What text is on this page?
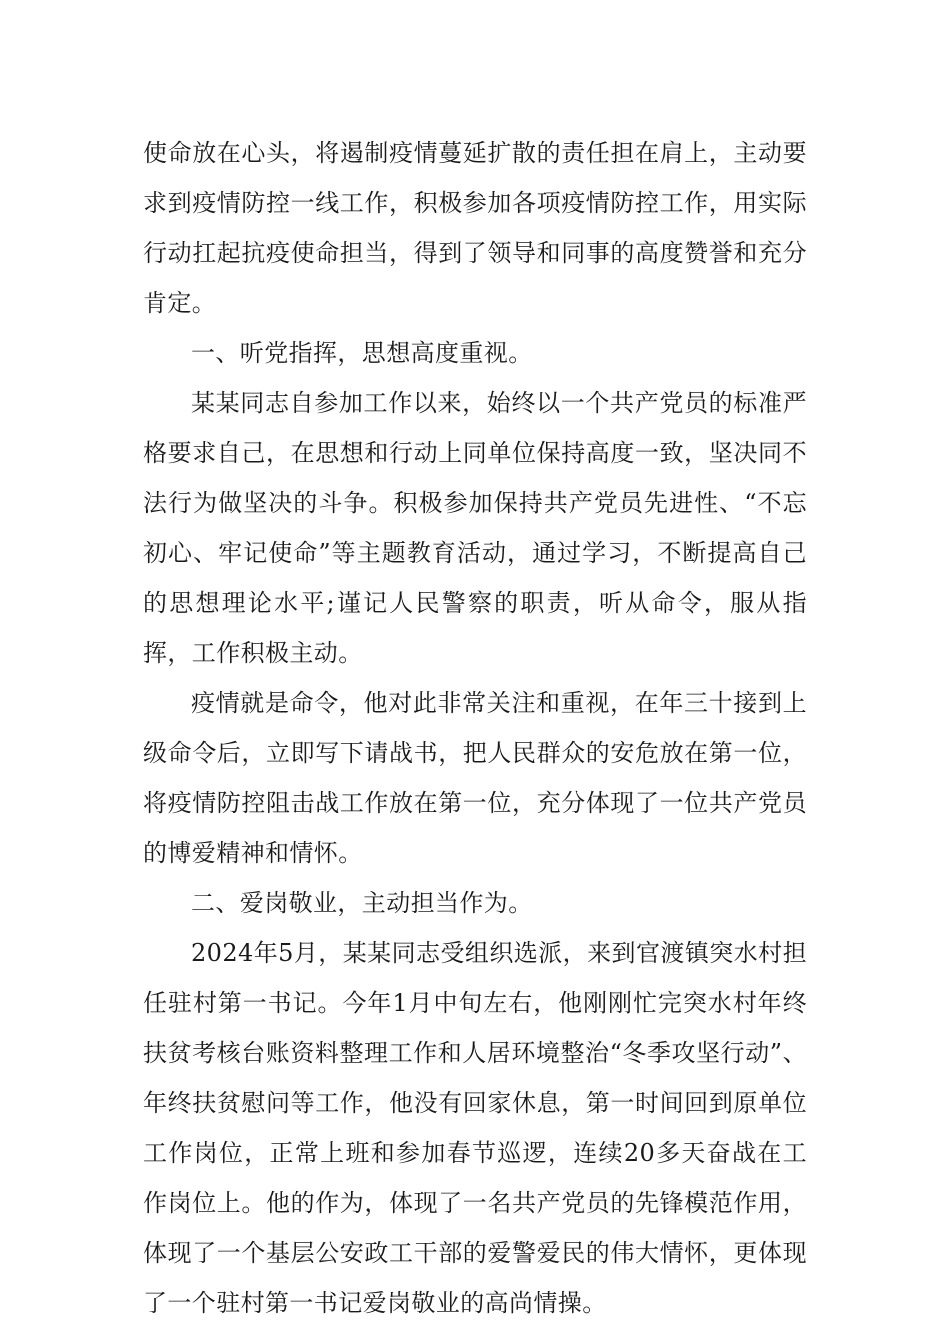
使命放在心头，将遏制疫情蔓延扩散的责任担在肩上，主动要求到疫情防控一线工作，积极参加各项疫情防控工作，用实际行动扛起抗疫使命担当，得到了领导和同事的高度赞誉和充分肯定。

一、听党指挥，思想高度重视。

某某同志自参加工作以来，始终以一个共产党员的标准严格要求自己，在思想和行动上同单位保持高度一致，坚决同不法行为做坚决的斗争。积极参加保持共产党员先进性、“不忘初心、牢记使命”等主题教育活动，通过学习，不断提高自己的思想理论水平;谨记人民警察的职责，听从命令，服从指挥，工作积极主动。

疫情就是命令，他对此非常关注和重视，在年三十接到上级命令后，立即写下请战书，把人民群众的安危放在第一位，将疫情防控阻击战工作放在第一位，充分体现了一位共产党员的博爱精神和情怀。

二、爱岗敬业，主动担当作为。

2024年5月，某某同志受组织选派，来到官渡镇突水村担任驻村第一书记。今年1月中旬左右，他刚刚忙完突水村年终扶贫考核台账资料整理工作和人居环境整治“冬季攻坚行动”、年终扶贫慰问等工作，他没有回家休息，第一时间回到原单位工作岗位，正常上班和参加春节巡逻，连续20多天奋战在工作岗位上。他的作为，体现了一名共产党员的先锋模范作用，体现了一个基层公安政工干部的爱警爱民的伟大情怀，更体现了一个驻村第一书记爱岗敬业的高尚情操。
